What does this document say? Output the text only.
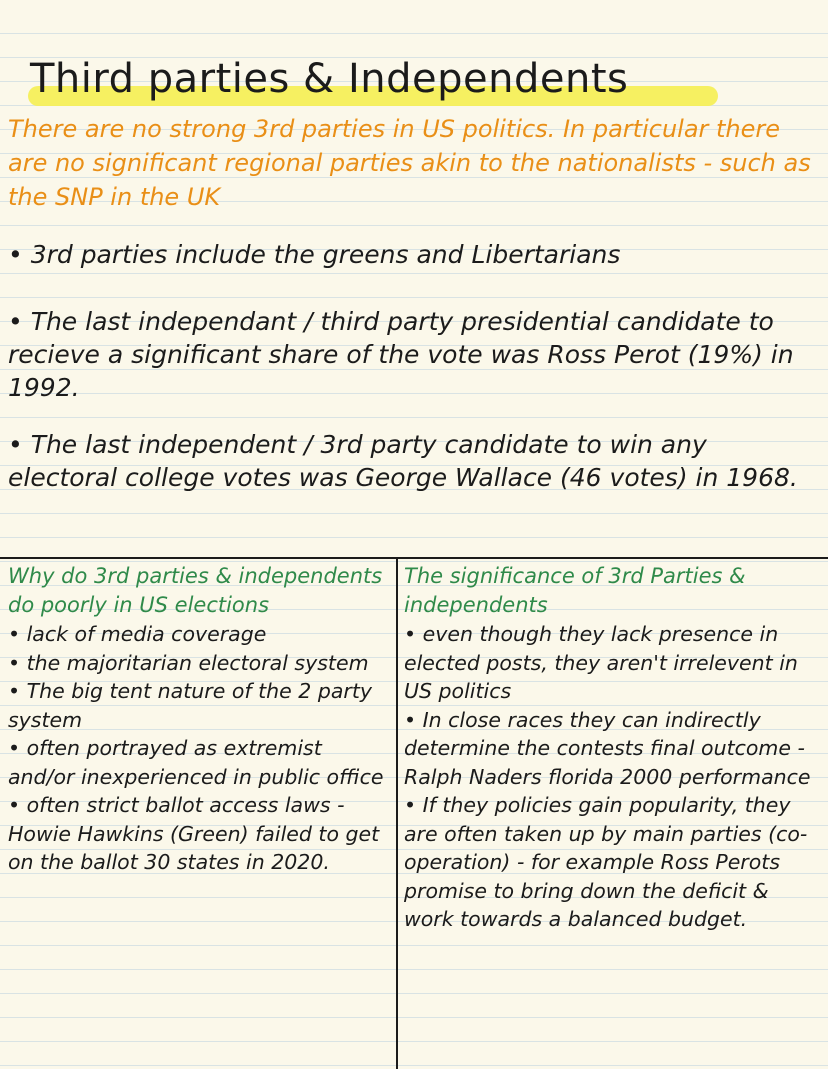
Third parties & Independents

There are no strong 3rd parties in US politics. In particular there are no significant regional parties akin to the nationalists - such as the SNP in the UK

• 3rd parties include the greens and Libertarians

• The last independant / third party presidential candidate to recieve a significant share of the vote was Ross Perot (19%) in 1992.

• The last independent / 3rd party candidate to win any electoral college votes was George Wallace (46 votes) in 1968.

Why do 3rd parties & independents do poorly in US elections

• lack of media coverage
• the majoritarian electoral system
• The big tent nature of the 2 party system
• often portrayed as extremist and/or inexperienced in public office
• often strict ballot access laws - Howie Hawkins (Green) failed to get on the ballot 30 states in 2020.

The significance of 3rd Parties & independents

• even though they lack presence in elected posts, they aren't irrelevent in US politics
• In close races they can indirectly determine the contests final outcome - Ralph Naders florida 2000 performance
• If they policies gain popularity, they are often taken up by main parties (co-operation) - for example Ross Perots promise to bring down the deficit & work towards a balanced budget.
